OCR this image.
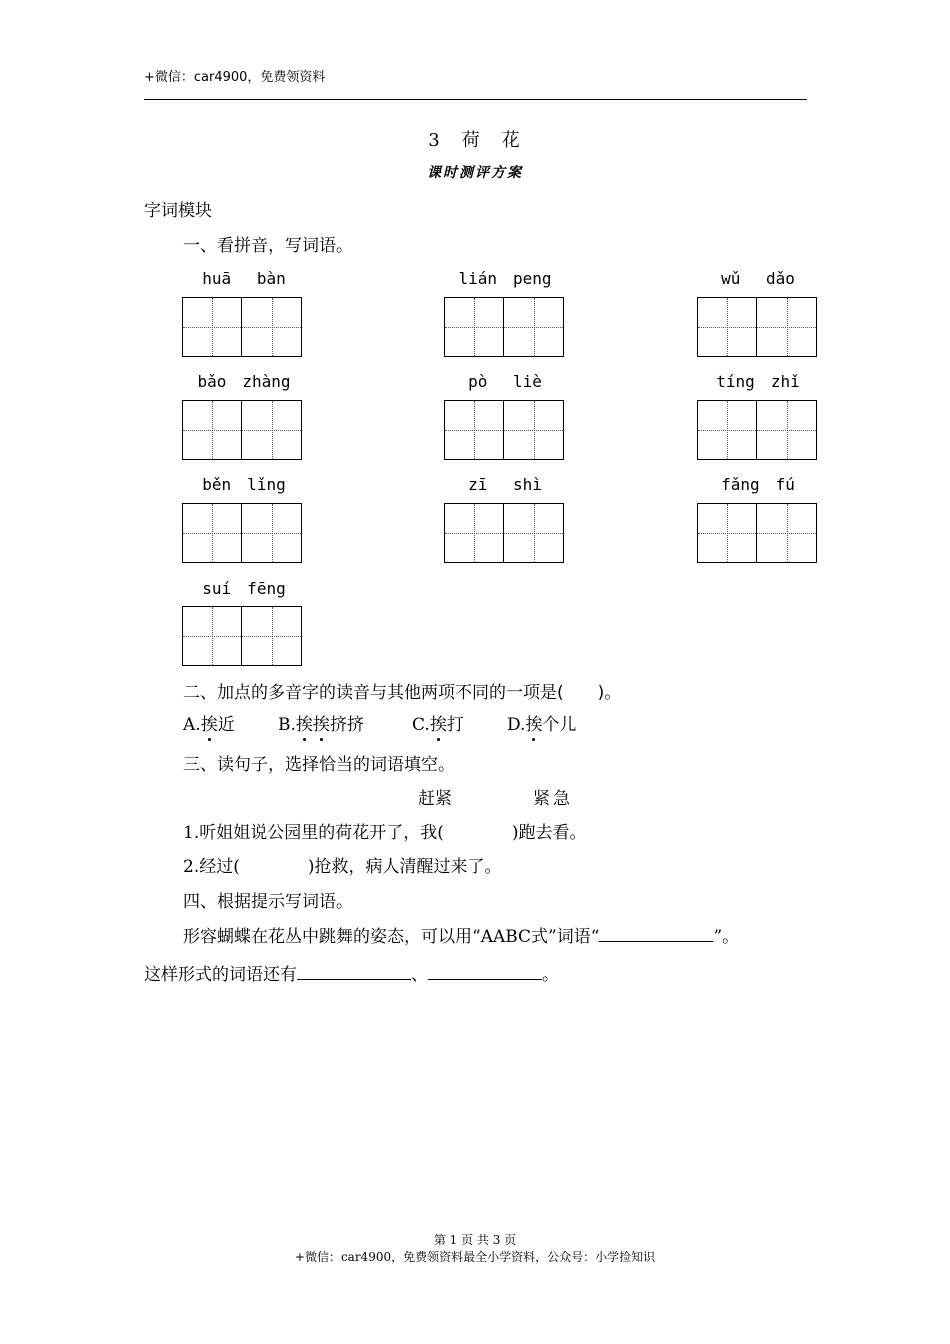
+微信：car4900，免费领资料
3　荷　花
课时测评方案
字词模块
一、看拼音，写词语。
huā　 bàn	lián　peng	wǔ　 dǎo
bǎo　zhàng	pò　 liè	tíng　zhǐ
běn　lǐng	zī　 shì	fǎng　fú
suí　fēng
二、加点的多音字的读音与其他两项不同的一项是(　　)。
A.挨近	B.挨挨挤挤	C.挨打	D.挨个儿
三、读句子，选择恰当的词语填空。
赶紧	紧急
1.听姐姐说公园里的荷花开了，我(　　　　)跑去看。
2.经过(　　　　)抢救，病人清醒过来了。
四、根据提示写词语。
形容蝴蝶在花丛中跳舞的姿态，可以用“AABC式”词语“	”。
这样形式的词语还有	、	。
第 1 页 共 3 页
+微信：car4900，免费领资料最全小学资料，公众号：小学捡知识
